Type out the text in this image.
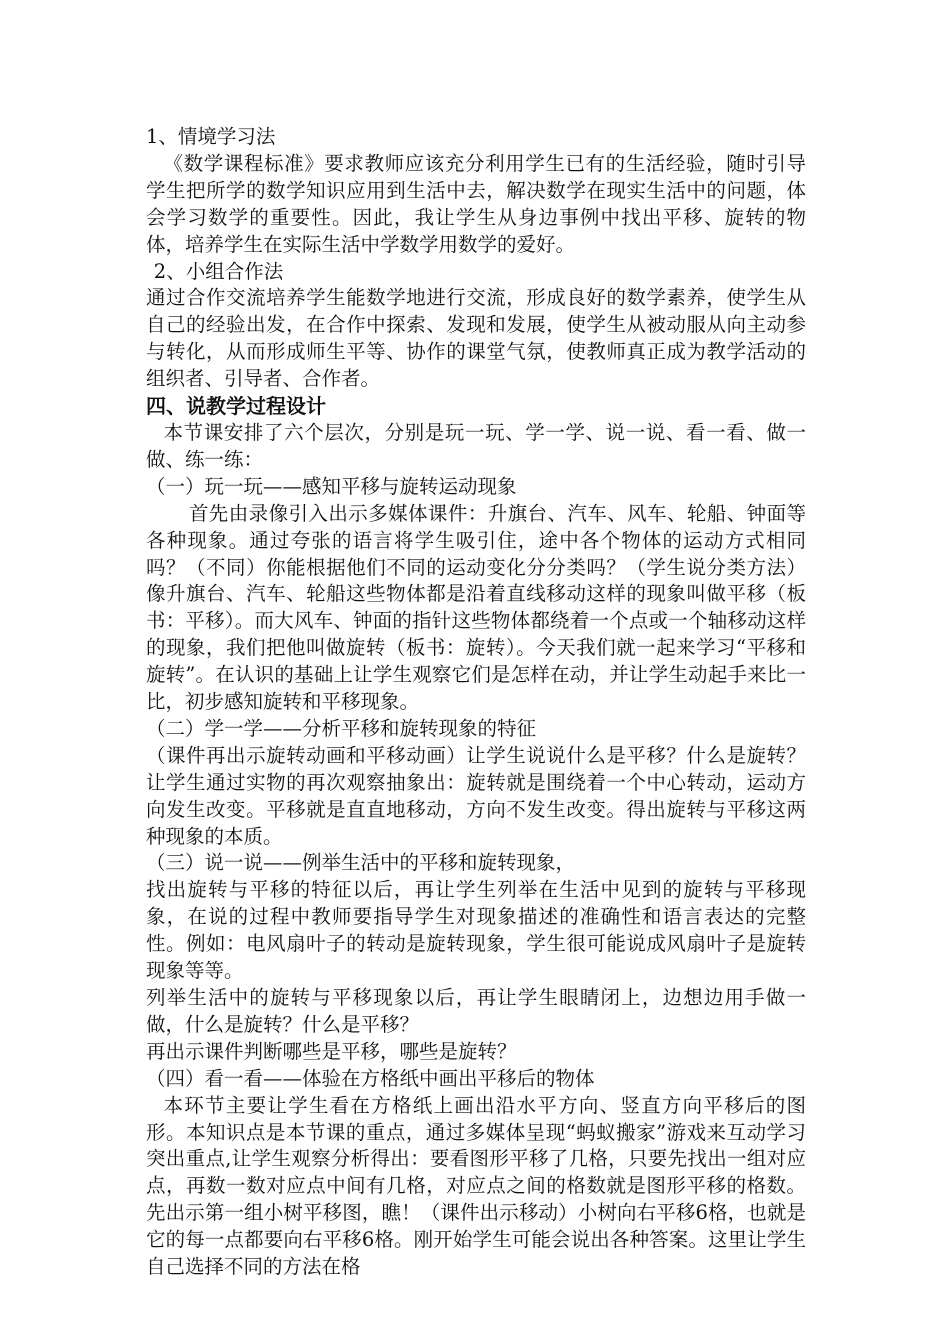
1、情境学习法

《数学课程标准》要求教师应该充分利用学生已有的生活经验，随时引导学生把所学的数学知识应用到生活中去，解决数学在现实生活中的问题，体会学习数学的重要性。因此，我让学生从身边事例中找出平移、旋转的物体，培养学生在实际生活中学数学用数学的爱好。

2、小组合作法

通过合作交流培养学生能数学地进行交流，形成良好的数学素养，使学生从自己的经验出发，在合作中探索、发现和发展，使学生从被动服从向主动参与转化，从而形成师生平等、协作的课堂气氛，使教师真正成为教学活动的组织者、引导者、合作者。

四、说教学过程设计

本节课安排了六个层次，分别是玩一玩、学一学、说一说、看一看、做一做、练一练：

（一）玩一玩——感知平移与旋转运动现象

首先由录像引入出示多媒体课件：升旗台、汽车、风车、轮船、钟面等各种现象。通过夸张的语言将学生吸引住，途中各个物体的运动方式相同吗？（不同）你能根据他们不同的运动变化分分类吗？（学生说分类方法）像升旗台、汽车、轮船这些物体都是沿着直线移动这样的现象叫做平移（板书：平移）。而大风车、钟面的指针这些物体都绕着一个点或一个轴移动这样的现象，我们把他叫做旋转（板书：旋转）。今天我们就一起来学习“平移和旋转”。在认识的基础上让学生观察它们是怎样在动，并让学生动起手来比一比，初步感知旋转和平移现象。

（二）学一学——分析平移和旋转现象的特征

（课件再出示旋转动画和平移动画）让学生说说什么是平移？什么是旋转？让学生通过实物的再次观察抽象出：旋转就是围绕着一个中心转动，运动方向发生改变。平移就是直直地移动，方向不发生改变。得出旋转与平移这两种现象的本质。

（三）说一说——例举生活中的平移和旋转现象，

找出旋转与平移的特征以后，再让学生列举在生活中见到的旋转与平移现象，在说的过程中教师要指导学生对现象描述的准确性和语言表达的完整性。例如：电风扇叶子的转动是旋转现象，学生很可能说成风扇叶子是旋转现象等等。

列举生活中的旋转与平移现象以后，再让学生眼睛闭上，边想边用手做一做，什么是旋转？什么是平移？

再出示课件判断哪些是平移，哪些是旋转？

（四）看一看——体验在方格纸中画出平移后的物体

本环节主要让学生看在方格纸上画出沿水平方向、竖直方向平移后的图形。本知识点是本节课的重点，通过多媒体呈现“蚂蚁搬家”游戏来互动学习突出重点,让学生观察分析得出：要看图形平移了几格，只要先找出一组对应点，再数一数对应点中间有几格，对应点之间的格数就是图形平移的格数。先出示第一组小树平移图，瞧！（课件出示移动）小树向右平移6格，也就是它的每一点都要向右平移6格。刚开始学生可能会说出各种答案。这里让学生自己选择不同的方法在格
